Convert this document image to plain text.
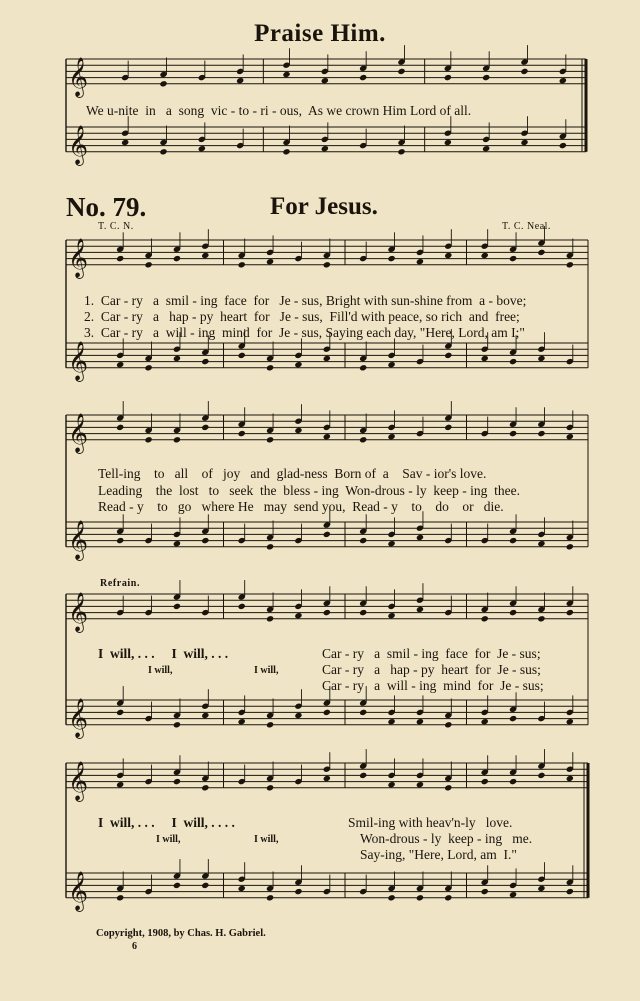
𝄞
𝄞
𝄞
𝄞
𝄞
𝄞
𝄞
𝄞
𝄞
𝄞
Praise Him.
No. 79.	For Jesus.
T. C. N.	T. C. Neal.
We u-nite  in   a  song  vic - to - ri - ous,  As we crown Him Lord of all.
1.  Car - ry   a  smil - ing  face  for   Je - sus, Bright with sun-shine from  a - bove;
2.  Car - ry   a   hap - py  heart  for   Je - sus,  Fill'd with peace, so rich  and  free;
3.  Car - ry   a  will - ing  mind  for  Je - sus, Saying each day, "Here, Lord, am I;"
Tell-ing    to   all    of   joy   and  glad-ness  Born of  a    Sav - ior's love.
Leading    the  lost   to   seek  the  bless - ing  Won-drous - ly  keep - ing  thee.
Read - y    to   go   where He   may  send you,  Read - y    to    do    or   die.
Refrain.
I  will, . . .     I  will, . . .
I will,	I will,
Car - ry   a  smil - ing  face  for  Je - sus;
Car - ry   a   hap - py  heart  for  Je - sus;
Car - ry   a  will - ing  mind  for  Je - sus;
I  will, . . .     I  will, . . . .
I will,	I will,
Smil-ing with heav'n-ly   love.
Won-drous - ly  keep - ing   me.
Say-ing, "Here, Lord, am  I."
Copyright, 1908, by Chas. H. Gabriel.
6
